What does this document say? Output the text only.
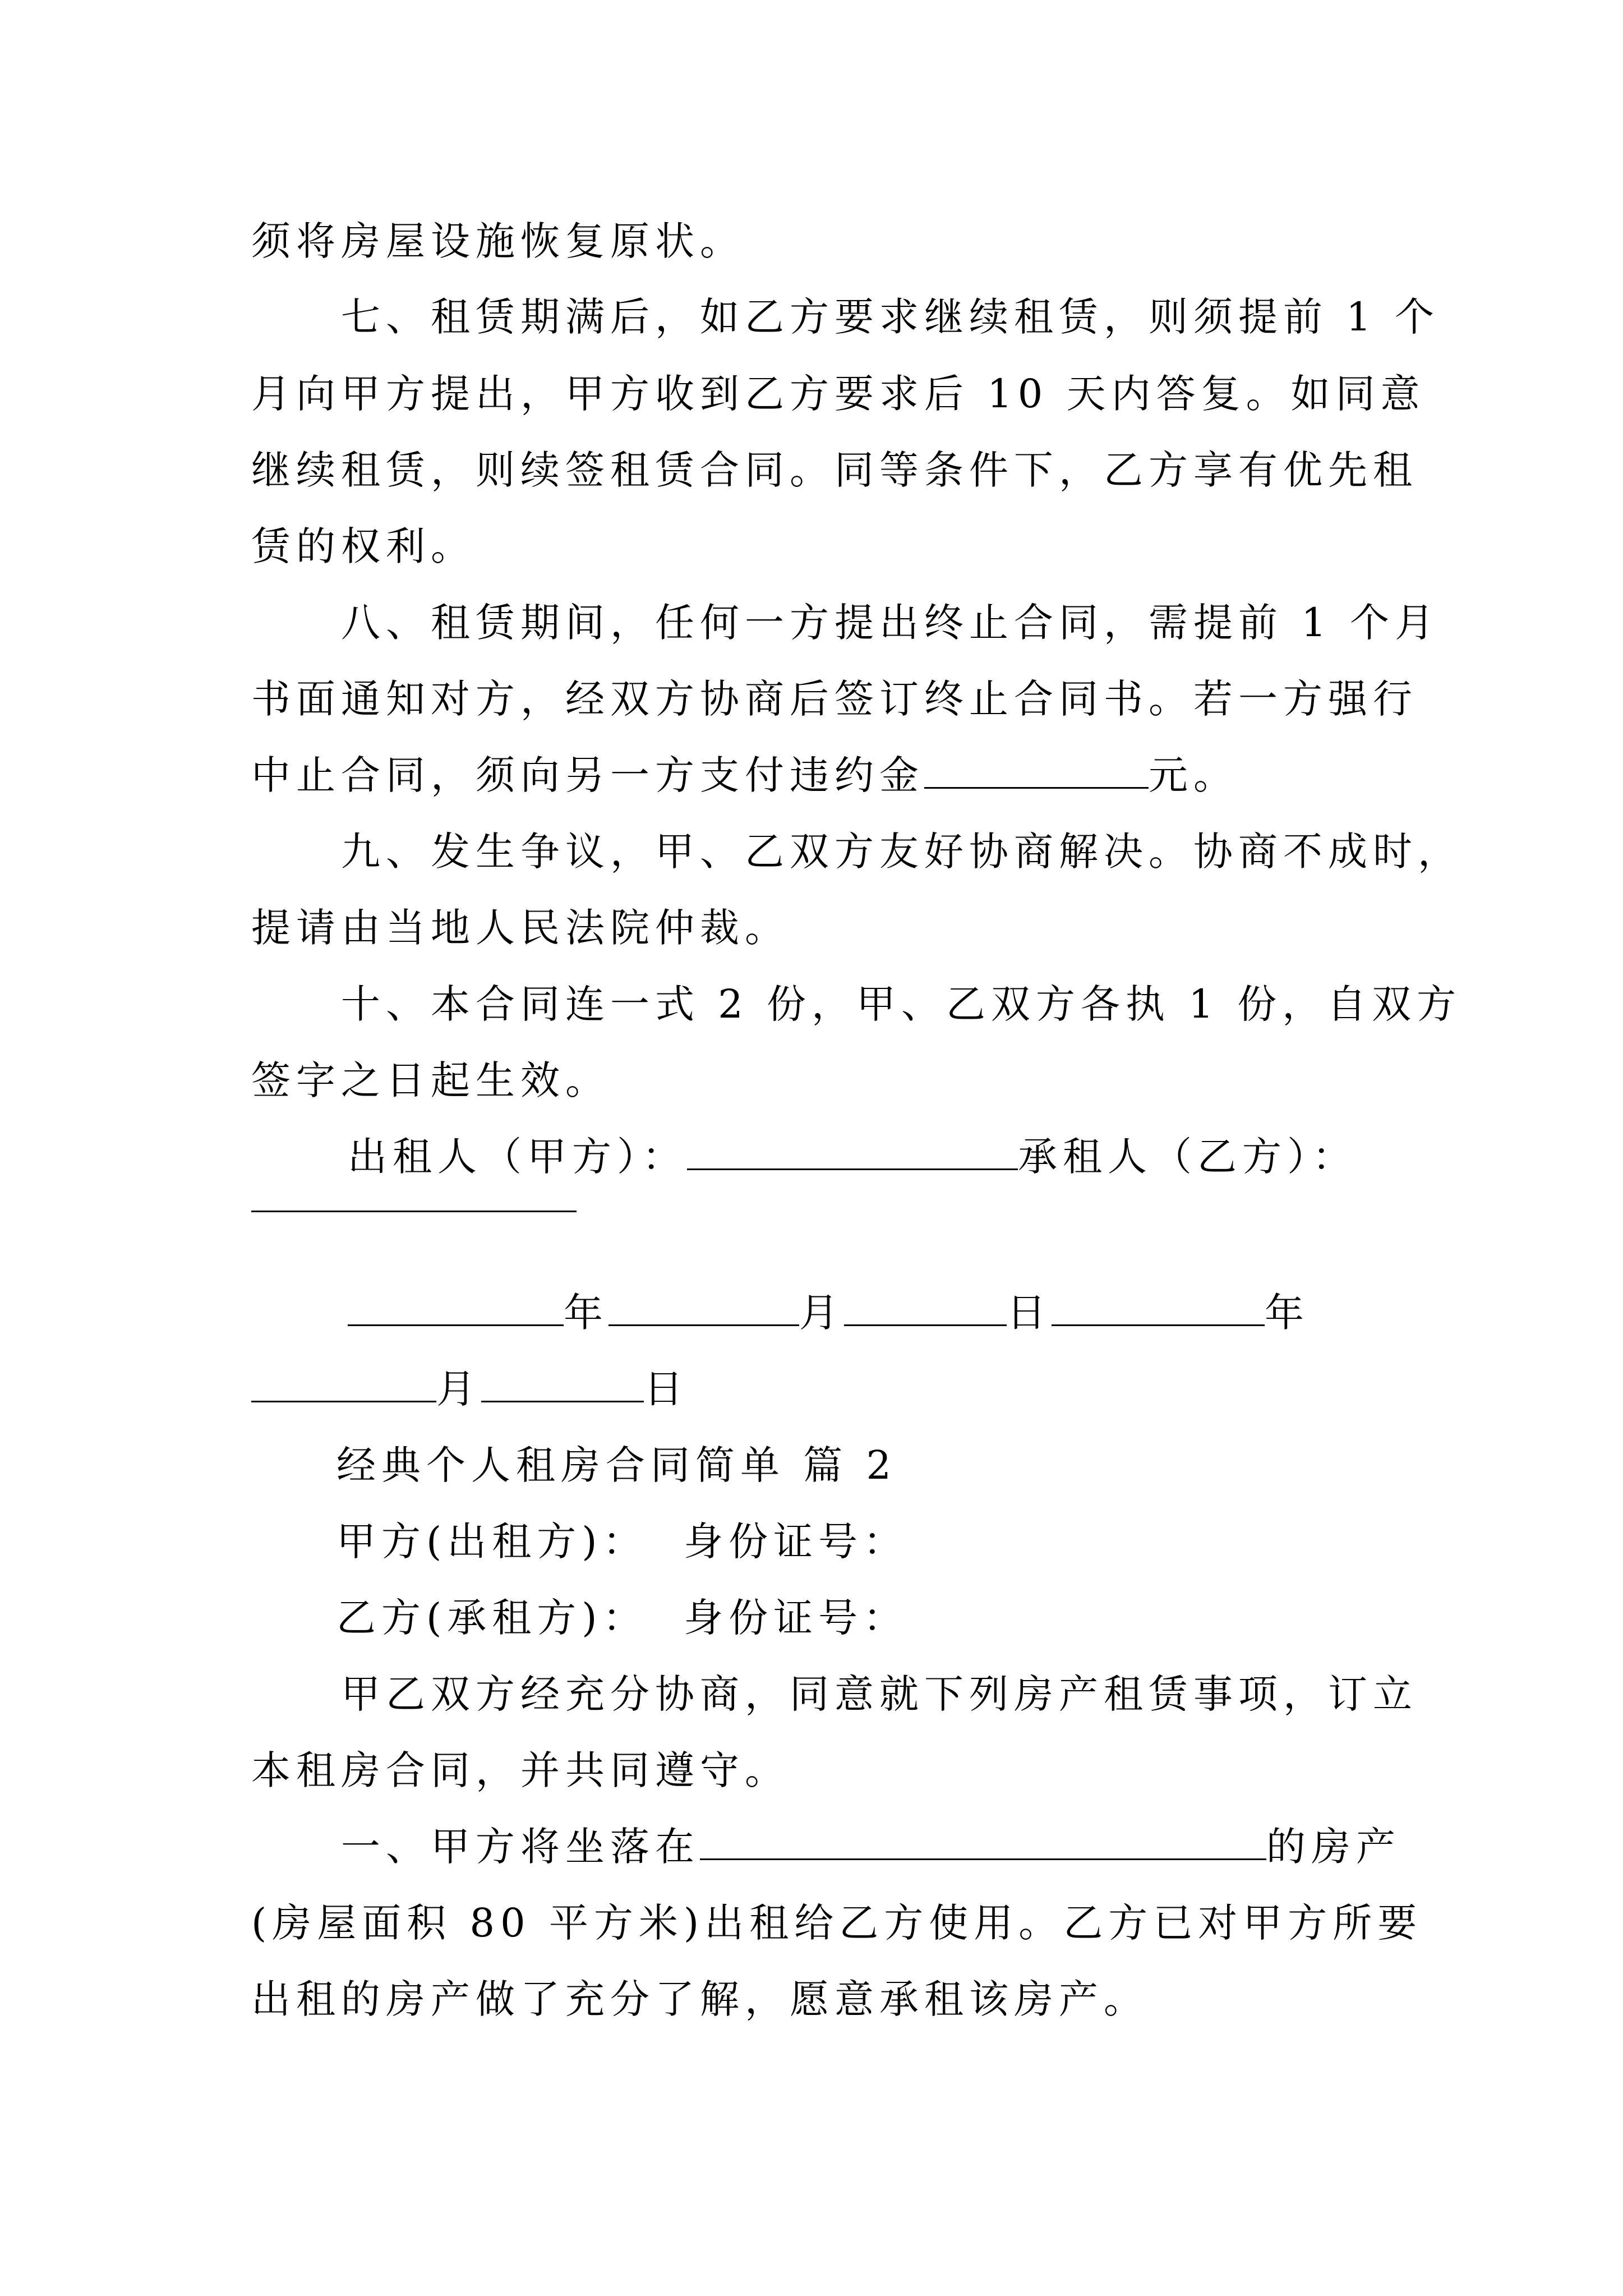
须将房屋设施恢复原状。
　　七、租赁期满后，如乙方要求继续租赁，则须提前 1 个
月向甲方提出，甲方收到乙方要求后 10 天内答复。如同意
继续租赁，则续签租赁合同。同等条件下，乙方享有优先租
赁的权利。
　　八、租赁期间，任何一方提出终止合同，需提前 1 个月
书面通知对方，经双方协商后签订终止合同书。若一方强行
中止合同，须向另一方支付违约金	元。
　　九、发生争议，甲、乙双方友好协商解决。协商不成时，
提请由当地人民法院仲裁。
　　十、本合同连一式 2 份，甲、乙双方各执 1 份，自双方
签字之日起生效。
出租人（甲方）：	承租人（乙方）：
年	月	日	年
月	日
经典个人租房合同简单 篇 2
甲方(出租方)：  身份证号：
乙方(承租方)：  身份证号：
　　甲乙双方经充分协商，同意就下列房产租赁事项，订立
本租房合同，并共同遵守。
　　一、甲方将坐落在	的房产
(房屋面积 80 平方米)出租给乙方使用。乙方已对甲方所要
出租的房产做了充分了解，愿意承租该房产。
